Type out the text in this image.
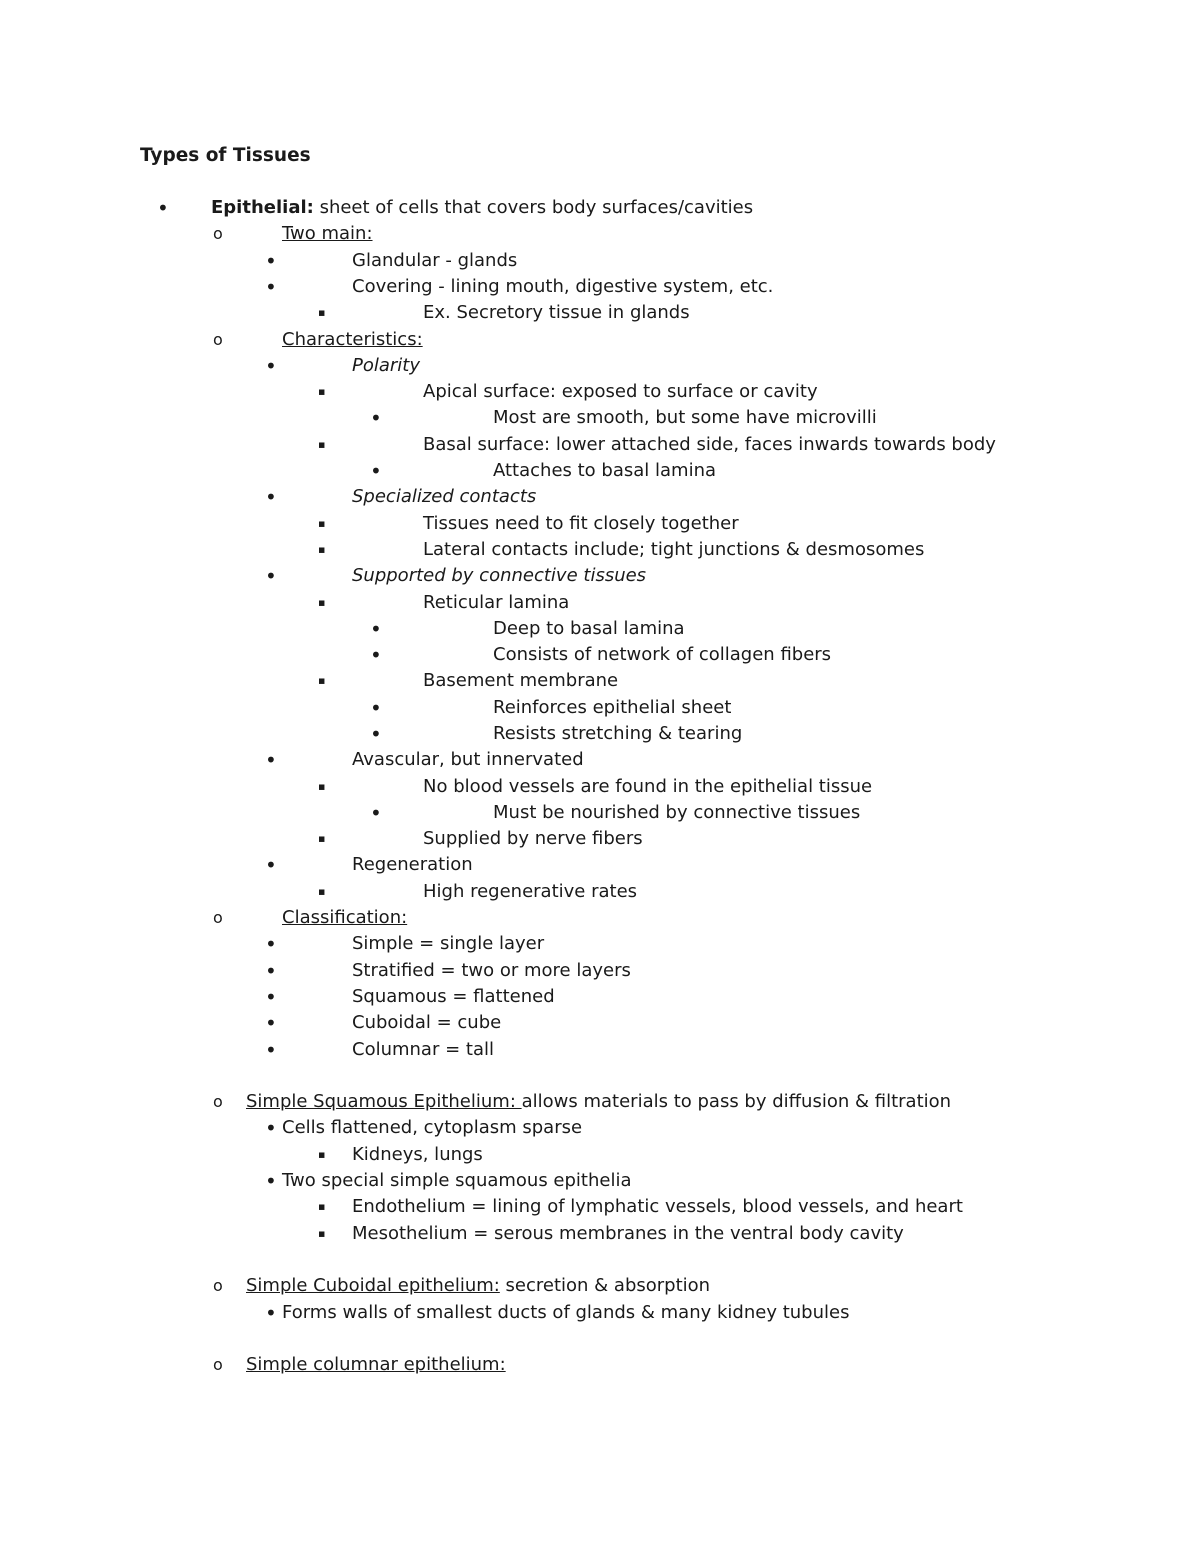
Types of Tissues
• Epithelial: sheet of cells that covers body surfaces/cavities
o	Two main:
•	Glandular - glands
•	Covering - lining mouth, digestive system, etc.
▪	Ex. Secretory tissue in glands
o	Characteristics:
•	Polarity
▪	Apical surface: exposed to surface or cavity
•	Most are smooth, but some have microvilli
▪	Basal surface: lower attached side, faces inwards towards body
•	Attaches to basal lamina
•	Specialized contacts
▪	Tissues need to fit closely together
▪	Lateral contacts include; tight junctions & desmosomes
•	Supported by connective tissues
▪	Reticular lamina
•	Deep to basal lamina
•	Consists of network of collagen fibers
▪	Basement membrane
•	Reinforces epithelial sheet
•	Resists stretching & tearing
•	Avascular, but innervated
▪	No blood vessels are found in the epithelial tissue
•	Must be nourished by connective tissues
▪	Supplied by nerve fibers
•	Regeneration
▪	High regenerative rates
o	Classification:
•	Simple = single layer
•	Stratified = two or more layers
•	Squamous = flattened
•	Cuboidal = cube
•	Columnar = tall
o Simple Squamous Epithelium: allows materials to pass by diffusion & filtration
• Cells flattened, cytoplasm sparse
▪ Kidneys, lungs
• Two special simple squamous epithelia
▪ Endothelium = lining of lymphatic vessels, blood vessels, and heart
▪ Mesothelium = serous membranes in the ventral body cavity
o Simple Cuboidal epithelium: secretion & absorption
• Forms walls of smallest ducts of glands & many kidney tubules
o Simple columnar epithelium:
